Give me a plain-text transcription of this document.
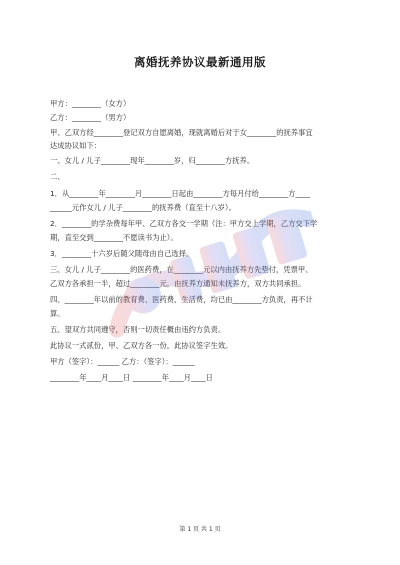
离婚抚养协议最新通用版
甲方：________（女方）
乙方：________（男方）
甲、乙双方经________登记双方自愿离婚，现就离婚后对于女________的抚养事宜
达成协议如下：
一、女儿 / 儿子________现年________岁，归________方抚养。
二、
1．从________年________月________日起由________方每月付给________方____
______元作女儿 / 儿子________的抚养费（直至十八岁）。
2．________的学杂费每年甲、乙双方各交一学期（注：甲方交上学期，乙方交下学
期，直至交到________不愿读书为止）。
3．________十六岁后随父随母由自己选择。
三、女儿 / 儿子________的医药费，在________元以内由抚养方先垫付，凭票甲、
乙双方各承担一半，超过________元，由抚养方通知未抚养方，双方共同承担。
四、________年以前的教育费、医药费、生活费，均已由________方负责，再不计
算。
五、望双方共同遵守，否则一切责任概由违约方负责。
此协议一式贰份，甲、乙双方各一份，此协议签字生效。
甲方（签字）：______ 乙方：（签字）：______
________年____月____日 ________年____月____日
第 1 页 共 1 页
